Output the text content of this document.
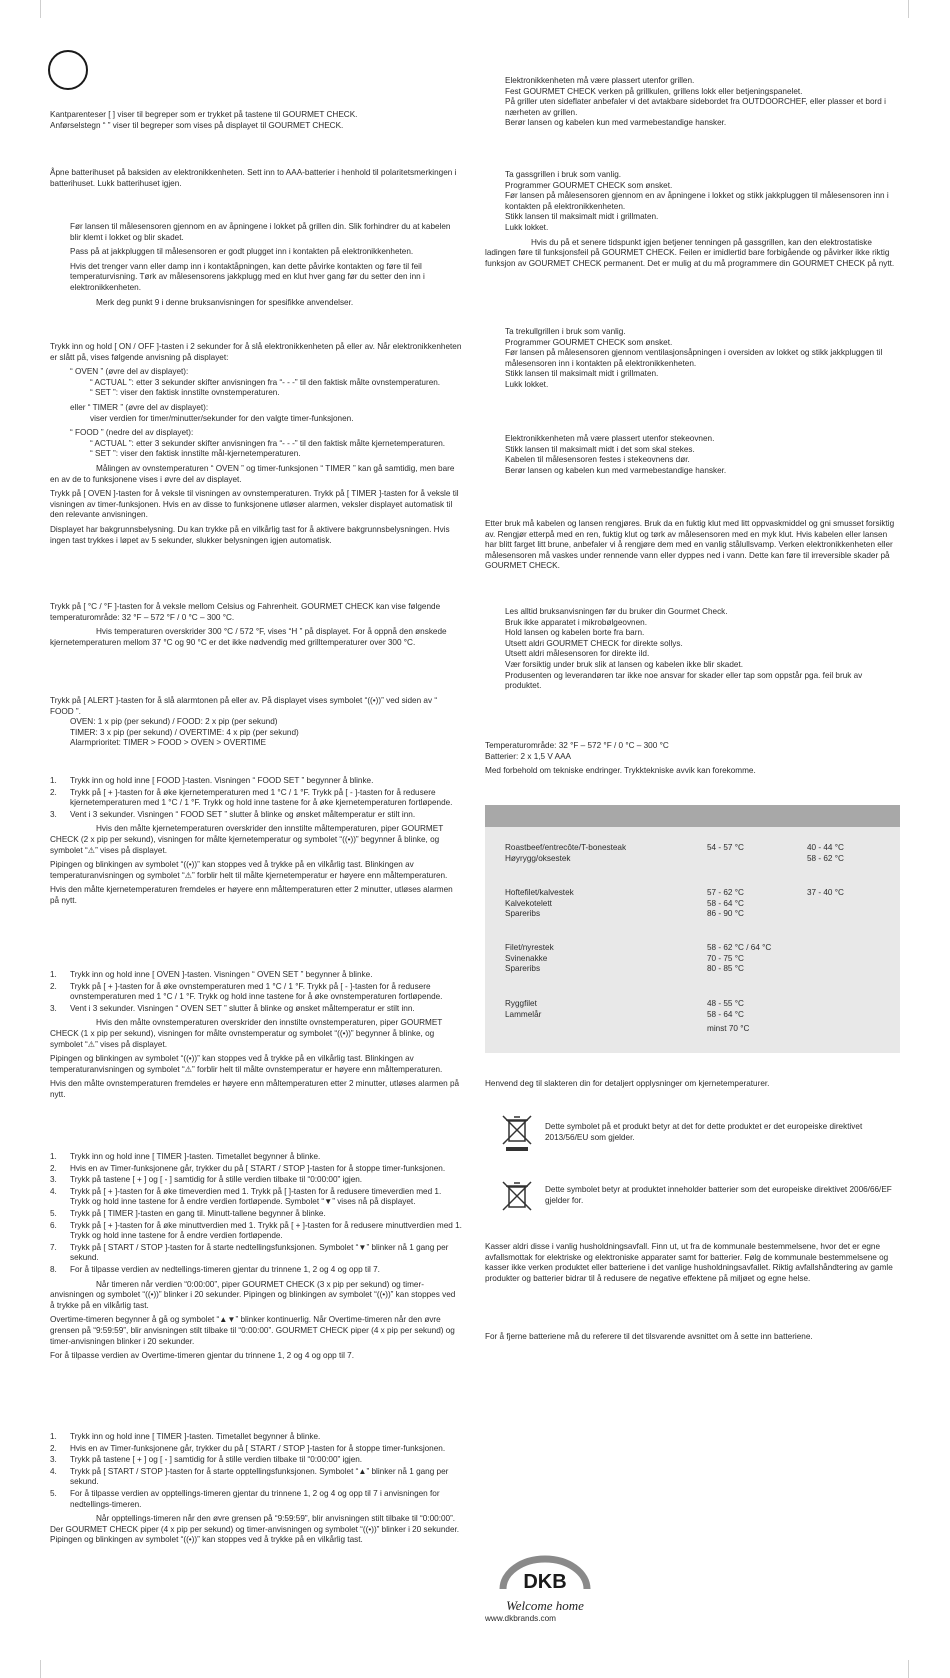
Kantparenteser [ ] viser til begreper som er trykket på tastene til GOURMET CHECK.

Anførselstegn “ ” viser til begreper som vises på displayet til GOURMET CHECK.

Åpne batterihuset på baksiden av elektronikkenheten. Sett inn to AAA-batterier i henhold til polaritetsmerkingen i batterihuset. Lukk batterihuset igjen.

Før lansen til målesensoren gjennom en av åpningene i lokket på grillen din. Slik forhindrer du at kabelen blir klemt i lokket og blir skadet.

Pass på at jakkpluggen til målesensoren er godt plugget inn i kontakten på elektronikkenheten.

Hvis det trenger vann eller damp inn i kontaktåpningen, kan dette påvirke kontakten og føre til feil temperaturvisning. Tørk av målesensorens jakkplugg med en klut hver gang før du setter den inn i elektronikkenheten.

Merk deg punkt 9 i denne bruksanvisningen for spesifikke anvendelser.

Trykk inn og hold [ ON / OFF ]-tasten i 2 sekunder for å slå elektronikkenheten på eller av. Når elektronikkenheten er slått på, vises følgende anvisning på displayet:

“ OVEN ” (øvre del av displayet):

“ ACTUAL ”: etter 3 sekunder skifter anvisningen fra “- - -” til den faktisk målte ovnstemperaturen.

“ SET ”: viser den faktisk innstilte ovnstemperaturen.

eller “ TIMER ” (øvre del av displayet):

viser verdien for timer/minutter/sekunder for den valgte timer-funksjonen.

“ FOOD ” (nedre del av displayet):

“ ACTUAL ”: etter 3 sekunder skifter anvisningen fra “- - -” til den faktisk målte kjernetemperaturen.

“ SET ”: viser den faktisk innstilte mål-kjernetemperaturen.

Målingen av ovnstemperaturen “ OVEN ” og timer-funksjonen “ TIMER ” kan gå samtidig, men bare en av de to funksjonene vises i øvre del av displayet.

Trykk på [ OVEN ]-tasten for å veksle til visningen av ovnstemperaturen. Trykk på [ TIMER ]-tasten for å veksle til visningen av timer-funksjonen. Hvis en av disse to funksjonene utløser alarmen, veksler displayet automatisk til den relevante anvisningen.

Displayet har bakgrunnsbelysning. Du kan trykke på en vilkårlig tast for å aktivere bakgrunnsbelysningen. Hvis ingen tast trykkes i løpet av 5 sekunder, slukker belysningen igjen automatisk.

Trykk på [ °C / °F ]-tasten for å veksle mellom Celsius og Fahrenheit. GOURMET CHECK kan vise følgende temperaturområde: 32 °F – 572 °F / 0 °C – 300 °C.

Hvis temperaturen overskrider 300 °C / 572 °F, vises “H ” på displayet. For å oppnå den ønskede kjernetemperaturen mellom 37 °C og 90 °C er det ikke nødvendig med grilltemperaturer over 300 °C.

Trykk på [ ALERT ]-tasten for å slå alarmtonen på eller av. På displayet vises symbolet “((•))” ved siden av “ FOOD ”.

OVEN: 1 x pip (per sekund) / FOOD: 2 x pip (per sekund)

TIMER: 3 x pip (per sekund) / OVERTIME: 4 x pip (per sekund)

Alarmprioritet: TIMER > FOOD > OVEN > OVERTIME

1. Trykk inn og hold inne [ FOOD ]-tasten. Visningen “ FOOD SET ” begynner å blinke.
2. Trykk på [ + ]-tasten for å øke kjernetemperaturen med 1 °C / 1 °F. Trykk på [ - ]-tasten for å redusere kjernetemperaturen med 1 °C / 1 °F. Trykk og hold inne tastene for å øke kjernetemperaturen fortløpende.
3. Vent i 3 sekunder. Visningen “ FOOD SET ” slutter å blinke og ønsket måltemperatur er stilt inn.

Hvis den målte kjernetemperaturen overskrider den innstilte måltemperaturen, piper GOURMET CHECK (2 x pip per sekund), visningen for målte kjernetemperatur og symbolet “((•))” begynner å blinke, og symbolet “⚠” vises på displayet.

Pipingen og blinkingen av symbolet “((•))” kan stoppes ved å trykke på en vilkårlig tast. Blinkingen av temperaturanvisningen og symbolet “⚠” forblir helt til målte kjernetemperatur er høyere enn måltemperaturen.

Hvis den målte kjernetemperaturen fremdeles er høyere enn måltemperaturen etter 2 minutter, utløses alarmen på nytt.

1. Trykk inn og hold inne [ OVEN ]-tasten. Visningen “ OVEN SET ” begynner å blinke.
2. Trykk på [ + ]-tasten for å øke ovnstemperaturen med 1 °C / 1 °F. Trykk på [ - ]-tasten for å redusere ovnstemperaturen med 1 °C / 1 °F. Trykk og hold inne tastene for å øke ovnstemperaturen fortløpende.
3. Vent i 3 sekunder. Visningen “ OVEN SET ” slutter å blinke og ønsket måltemperatur er stilt inn.

Hvis den målte ovnstemperaturen overskrider den innstilte ovnstemperaturen, piper GOURMET CHECK (1 x pip per sekund), visningen for målte ovnstemperatur og symbolet “((•))” begynner å blinke, og symbolet “⚠” vises på displayet.

Pipingen og blinkingen av symbolet “((•))” kan stoppes ved å trykke på en vilkårlig tast. Blinkingen av temperaturanvisningen og symbolet “⚠” forblir helt til målte ovnstemperatur er høyere enn måltemperaturen.

Hvis den målte ovnstemperaturen fremdeles er høyere enn måltemperaturen etter 2 minutter, utløses alarmen på nytt.

1. Trykk inn og hold inne [ TIMER ]-tasten. Timetallet begynner å blinke.
2. Hvis en av Timer-funksjonene går, trykker du på [ START / STOP ]-tasten for å stoppe timer-funksjonen.
3. Trykk på tastene [ + ] og [ - ] samtidig for å stille verdien tilbake til “0:00:00” igjen.
4. Trykk på [ + ]-tasten for å øke timeverdien med 1. Trykk på [ ]-tasten for å redusere timeverdien med 1. Trykk og hold inne tastene for å endre verdien fortløpende. Symbolet “▼” vises nå på displayet.
5. Trykk på [ TIMER ]-tasten en gang til. Minutt-tallene begynner å blinke.
6. Trykk på [ + ]-tasten for å øke minuttverdien med 1. Trykk på [ + ]-tasten for å redusere minuttverdien med 1. Trykk og hold inne tastene for å endre verdien fortløpende.
7. Trykk på [ START / STOP ]-tasten for å starte nedtellingsfunksjonen. Symbolet “▼” blinker nå 1 gang per sekund.
8. For å tilpasse verdien av nedtellings-timeren gjentar du trinnene 1, 2 og 4 og opp til 7.

Når timeren når verdien “0:00:00”, piper GOURMET CHECK (3 x pip per sekund) og timer-anvisningen og symbolet “((•))” blinker i 20 sekunder. Pipingen og blinkingen av symbolet “((•))” kan stoppes ved å trykke på en vilkårlig tast.

Overtime-timeren begynner å gå og symbolet “▲▼” blinker kontinuerlig. Når Overtime-timeren når den øvre grensen på “9:59:59”, blir anvisningen stilt tilbake til “0:00:00”. GOURMET CHECK piper (4 x pip per sekund) og timer-anvisningen blinker i 20 sekunder.

For å tilpasse verdien av Overtime-timeren gjentar du trinnene 1, 2 og 4 og opp til 7.

1. Trykk inn og hold inne [ TIMER ]-tasten. Timetallet begynner å blinke.
2. Hvis en av Timer-funksjonene går, trykker du på [ START / STOP ]-tasten for å stoppe timer-funksjonen.
3. Trykk på tastene [ + ] og [ - ] samtidig for å stille verdien tilbake til “0:00:00” igjen.
4. Trykk på [ START / STOP ]-tasten for å starte opptellingsfunksjonen. Symbolet “▲” blinker nå 1 gang per sekund.
5. For å tilpasse verdien av opptellings-timeren gjentar du trinnene 1, 2 og 4 og opp til 7 i anvisningen for nedtellings-timeren.

Når opptellings-timeren når den øvre grensen på “9:59:59”, blir anvisningen stilt tilbake til “0:00:00”. Der GOURMET CHECK piper (4 x pip per sekund) og timer-anvisningen og symbolet “((•))” blinker i 20 sekunder. Pipingen og blinkingen av symbolet “((•))” kan stoppes ved å trykke på en vilkårlig tast.

Elektronikkenheten må være plassert utenfor grillen.

Fest GOURMET CHECK verken på grillkulen, grillens lokk eller betjeningspanelet.

På griller uten sideflater anbefaler vi det avtakbare sidebordet fra OUTDOORCHEF, eller plasser et bord i nærheten av grillen.

Berør lansen og kabelen kun med varmebestandige hansker.

Ta gassgrillen i bruk som vanlig.

Programmer GOURMET CHECK som ønsket.

Før lansen på målesensoren gjennom en av åpningene i lokket og stikk jakkpluggen til målesensoren inn i kontakten på elektronikkenheten.

Stikk lansen til maksimalt midt i grillmaten.

Lukk lokket.

Hvis du på et senere tidspunkt igjen betjener tenningen på gassgrillen, kan den elektrostatiske ladingen føre til funksjonsfeil på GOURMET CHECK. Feilen er imidlertid bare forbigående og påvirker ikke riktig funksjon av GOURMET CHECK permanent. Det er mulig at du må programmere din GOURMET CHECK på nytt.

Ta trekullgrillen i bruk som vanlig.

Programmer GOURMET CHECK som ønsket.

Før lansen på målesensoren gjennom ventilasjonsåpningen i oversiden av lokket og stikk jakkpluggen til målesensoren inn i kontakten på elektronikkenheten.

Stikk lansen til maksimalt midt i grillmaten.

Lukk lokket.

Elektronikkenheten må være plassert utenfor stekeovnen.

Stikk lansen til maksimalt midt i det som skal stekes.

Kabelen til målesensoren festes i stekeovnens dør.

Berør lansen og kabelen kun med varmebestandige hansker.

Etter bruk må kabelen og lansen rengjøres. Bruk da en fuktig klut med litt oppvaskmiddel og gni smusset forsiktig av. Rengjør etterpå med en ren, fuktig klut og tørk av målesensoren med en myk klut. Hvis kabelen eller lansen har blitt farget litt brune, anbefaler vi å rengjøre dem med en vanlig stålullsvamp. Verken elektronikkenheten eller målesensoren må vaskes under rennende vann eller dyppes ned i vann. Dette kan føre til irreversible skader på GOURMET CHECK.

Les alltid bruksanvisningen før du bruker din Gourmet Check.

Bruk ikke apparatet i mikrobølgeovnen.

Hold lansen og kabelen borte fra barn.

Utsett aldri GOURMET CHECK for direkte sollys.

Utsett aldri målesensoren for direkte ild.

Vær forsiktig under bruk slik at lansen og kabelen ikke blir skadet.

Produsenten og leverandøren tar ikke noe ansvar for skader eller tap som oppstår pga. feil bruk av produktet.

Temperaturområde: 32 °F – 572 °F / 0 °C – 300 °C

Batterier: 2 x 1,5 V AAA

Med forbehold om tekniske endringer. Trykktekniske avvik kan forekomme.

Henvend deg til slakteren din for detaljert opplysninger om kjernetemperaturer.

Dette symbolet på et produkt betyr at det for dette produktet er det europeiske direktivet 2013/56/EU som gjelder.

Dette symbolet betyr at produktet inneholder batterier som det europeiske direktivet 2006/66/EF gjelder for.

Kasser aldri disse i vanlig husholdningsavfall. Finn ut, ut fra de kommunale bestemmelsene, hvor det er egne avfallsmottak for elektriske og elektroniske apparater samt for batterier. Følg de kommunale bestemmelsene og kasser ikke verken produktet eller batteriene i det vanlige husholdningsavfallet. Riktig avfallshåndtering av gamle produkter og batterier bidrar til å redusere de negative effektene på miljøet og egne helse.

For å fjerne batteriene må du referere til det tilsvarende avsnittet om å sette inn batteriene.

www.dkbrands.com

Roastbeef/entrecôte/T-bonesteak
Høyrygg/oksestek
54 - 57 °C	40 - 44 °C
58 - 62 °C
Hoftefilet/kalvestek
Kalvekotelett
Spareribs
57 - 62 °C
58 - 64 °C
86 - 90 °C
37 - 40 °C
Filet/nyrestek
Svinenakke
Spareribs
58 - 62 °C / 64 °C
70 - 75 °C
80 - 85 °C
Ryggfilet
Lammelår
48 - 55 °C
58 - 64 °C
minst 70 °C
DKB
Welcome home
